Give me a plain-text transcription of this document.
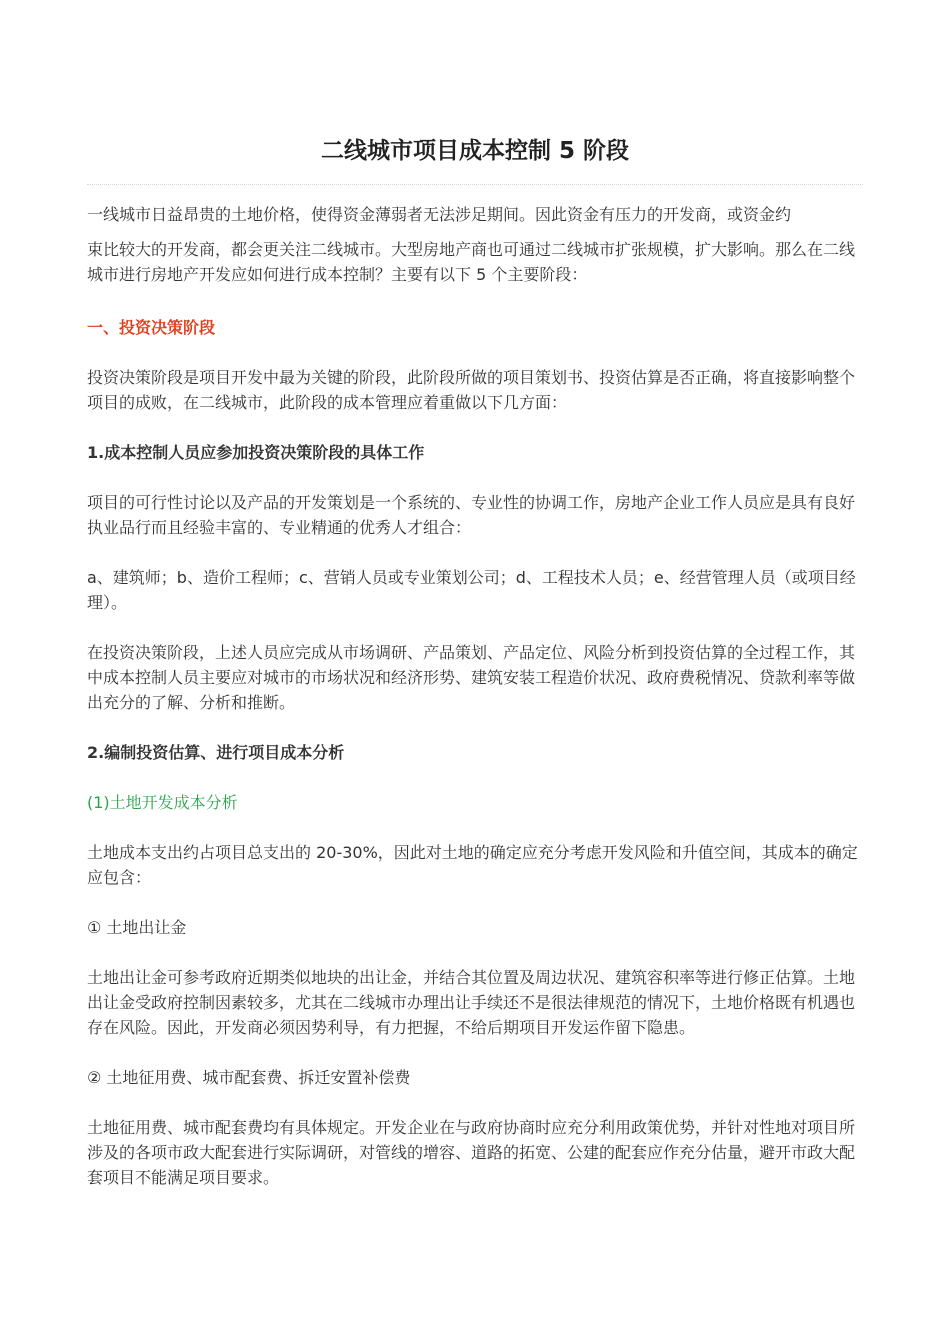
二线城市项目成本控制 5 阶段

一线城市日益昂贵的土地价格，使得资金薄弱者无法涉足期间。因此资金有压力的开发商，或资金约
束比较大的开发商，都会更关注二线城市。大型房地产商也可通过二线城市扩张规模，扩大影响。那么在二线城市进行房地产开发应如何进行成本控制？主要有以下 5 个主要阶段：

一、投资决策阶段

投资决策阶段是项目开发中最为关键的阶段，此阶段所做的项目策划书、投资估算是否正确，将直接影响整个项目的成败，在二线城市，此阶段的成本管理应着重做以下几方面：

1.成本控制人员应参加投资决策阶段的具体工作

项目的可行性讨论以及产品的开发策划是一个系统的、专业性的协调工作，房地产企业工作人员应是具有良好执业品行而且经验丰富的、专业精通的优秀人才组合：

a、建筑师；b、造价工程师；c、营销人员或专业策划公司；d、工程技术人员；e、经营管理人员（或项目经理）。

在投资决策阶段，上述人员应完成从市场调研、产品策划、产品定位、风险分析到投资估算的全过程工作，其中成本控制人员主要应对城市的市场状况和经济形势、建筑安装工程造价状况、政府费税情况、贷款利率等做出充分的了解、分析和推断。

2.编制投资估算、进行项目成本分析

(1)土地开发成本分析

土地成本支出约占项目总支出的 20-30%，因此对土地的确定应充分考虑开发风险和升值空间，其成本的确定应包含：

① 土地出让金

土地出让金可参考政府近期类似地块的出让金，并结合其位置及周边状况、建筑容积率等进行修正估算。土地出让金受政府控制因素较多，尤其在二线城市办理出让手续还不是很法律规范的情况下，土地价格既有机遇也存在风险。因此，开发商必须因势利导，有力把握，不给后期项目开发运作留下隐患。

② 土地征用费、城市配套费、拆迁安置补偿费

土地征用费、城市配套费均有具体规定。开发企业在与政府协商时应充分利用政策优势，并针对性地对项目所涉及的各项市政大配套进行实际调研，对管线的增容、道路的拓宽、公建的配套应作充分估量，避开市政大配套项目不能满足项目要求。
